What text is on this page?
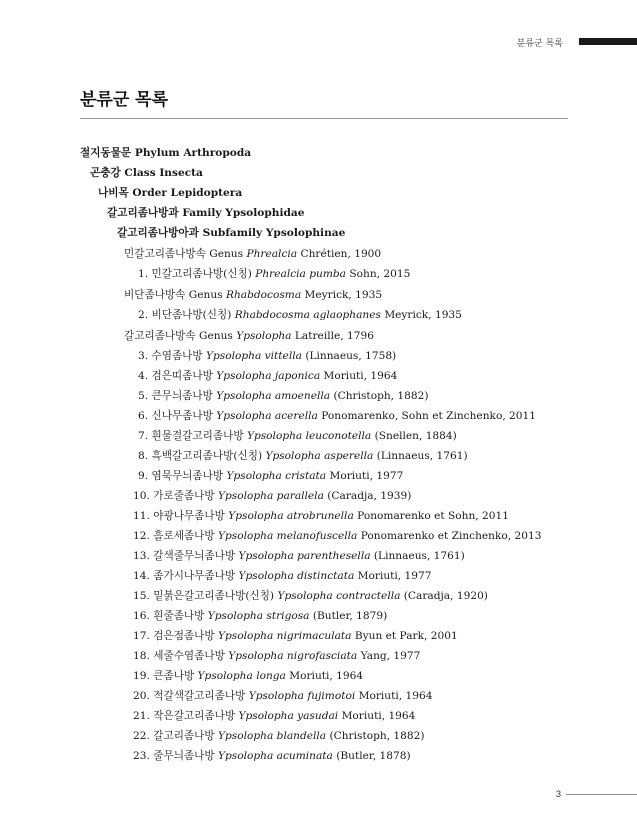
분류군 목록
분류군 목록
절지동물문 Phylum Arthropoda
곤충강 Class Insecta
나비목 Order Lepidoptera
갈고리좀나방과 Family Ypsolophidae
갈고리좀나방아과 Subfamily Ypsolophinae
민갈고리좀나방속 Genus Phrealcia Chrétien, 1900
1. 민갈고리좀나방(신칭) Phrealcia pumba Sohn, 2015
비단좀나방속 Genus Rhabdocosma Meyrick, 1935
2. 비단좀나방(신칭) Rhabdocosma aglaophanes Meyrick, 1935
갈고리좀나방속 Genus Ypsolopha Latreille, 1796
3. 수염좀나방 Ypsolopha vittella (Linnaeus, 1758)
4. 검은띠좀나방 Ypsolopha japonica Moriuti, 1964
5. 큰무늬좀나방 Ypsolopha amoenella (Christoph, 1882)
6. 신나무좀나방 Ypsolopha acerella Ponomarenko, Sohn et Zinchenko, 2011
7. 흰물결갈고리좀나방 Ypsolopha leuconotella (Snellen, 1884)
8. 흑백갈고리좀나방(신칭) Ypsolopha asperella (Linnaeus, 1761)
9. 염묵무늬좀나방 Ypsolopha cristata Moriuti, 1977
10. 가로줄좀나방 Ypsolopha parallela (Caradja, 1939)
11. 야광나무좀나방 Ypsolopha atrobrunella Ponomarenko et Sohn, 2011
12. 흘로세좀나방 Ypsolopha melanofuscella Ponomarenko et Zinchenko, 2013
13. 갈색줄무늬좀나방 Ypsolopha parenthesella (Linnaeus, 1761)
14. 좀가시나무좀나방 Ypsolopha distinctata Moriuti, 1977
15. 밑붉은갈고리좀나방(신칭) Ypsolopha contractella (Caradja, 1920)
16. 흰줄좀나방 Ypsolopha strigosa (Butler, 1879)
17. 검은점좀나방 Ypsolopha nigrimaculata Byun et Park, 2001
18. 세줄수염좀나방 Ypsolopha nigrofasciata Yang, 1977
19. 큰좀나방 Ypsolopha longa Moriuti, 1964
20. 적갈색갈고리좀나방 Ypsolopha fujimotoi Moriuti, 1964
21. 작은갈고리좀나방 Ypsolopha yasudai Moriuti, 1964
22. 갈고리좀나방 Ypsolopha blandella (Christoph, 1882)
23. 줄무늬좀나방 Ypsolopha acuminata (Butler, 1878)
3
